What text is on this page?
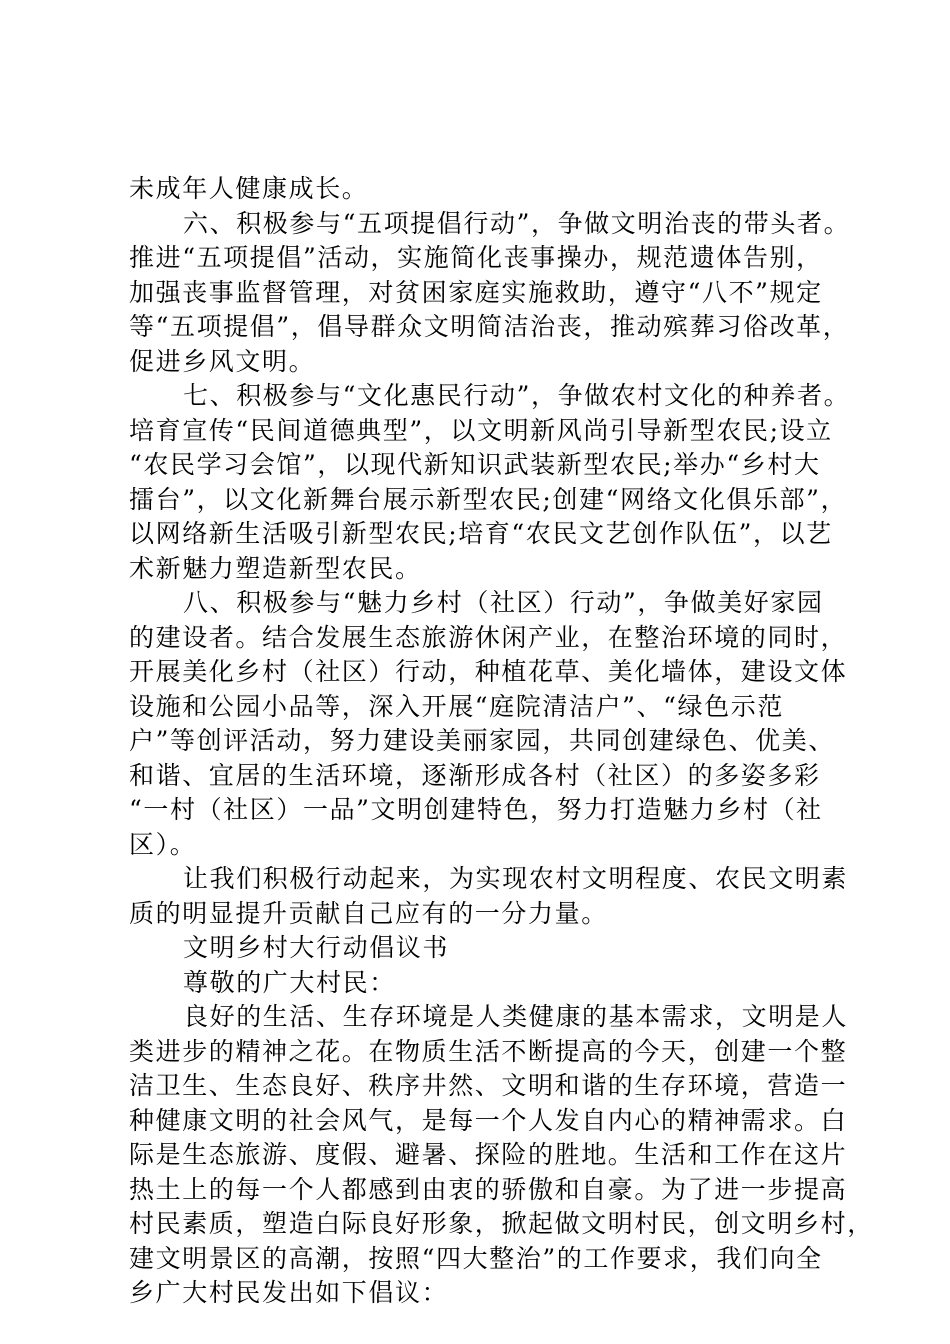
未成年人健康成长。
六、积极参与“五项提倡行动”，争做文明治丧的带头者。
推进“五项提倡”活动，实施简化丧事操办，规范遗体告别，
加强丧事监督管理，对贫困家庭实施救助，遵守“八不”规定
等“五项提倡”，倡导群众文明简洁治丧，推动殡葬习俗改革，
促进乡风文明。
七、积极参与“文化惠民行动”，争做农村文化的种养者。
培育宣传“民间道德典型”，以文明新风尚引导新型农民;设立
“农民学习会馆”，以现代新知识武装新型农民;举办“乡村大
擂台”，以文化新舞台展示新型农民;创建“网络文化俱乐部”，
以网络新生活吸引新型农民;培育“农民文艺创作队伍”，以艺
术新魅力塑造新型农民。
八、积极参与“魅力乡村（社区）行动”，争做美好家园
的建设者。结合发展生态旅游休闲产业，在整治环境的同时，
开展美化乡村（社区）行动，种植花草、美化墙体，建设文体
设施和公园小品等，深入开展“庭院清洁户”、“绿色示范
户”等创评活动，努力建设美丽家园，共同创建绿色、优美、
和谐、宜居的生活环境，逐渐形成各村（社区）的多姿多彩
“一村（社区）一品”文明创建特色，努力打造魅力乡村（社
区）。
让我们积极行动起来，为实现农村文明程度、农民文明素
质的明显提升贡献自己应有的一分力量。
文明乡村大行动倡议书
尊敬的广大村民：
良好的生活、生存环境是人类健康的基本需求，文明是人
类进步的精神之花。在物质生活不断提高的今天，创建一个整
洁卫生、生态良好、秩序井然、文明和谐的生存环境，营造一
种健康文明的社会风气，是每一个人发自内心的精神需求。白
际是生态旅游、度假、避暑、探险的胜地。生活和工作在这片
热土上的每一个人都感到由衷的骄傲和自豪。为了进一步提高
村民素质，塑造白际良好形象，掀起做文明村民，创文明乡村，
建文明景区的高潮，按照“四大整治”的工作要求，我们向全
乡广大村民发出如下倡议：
